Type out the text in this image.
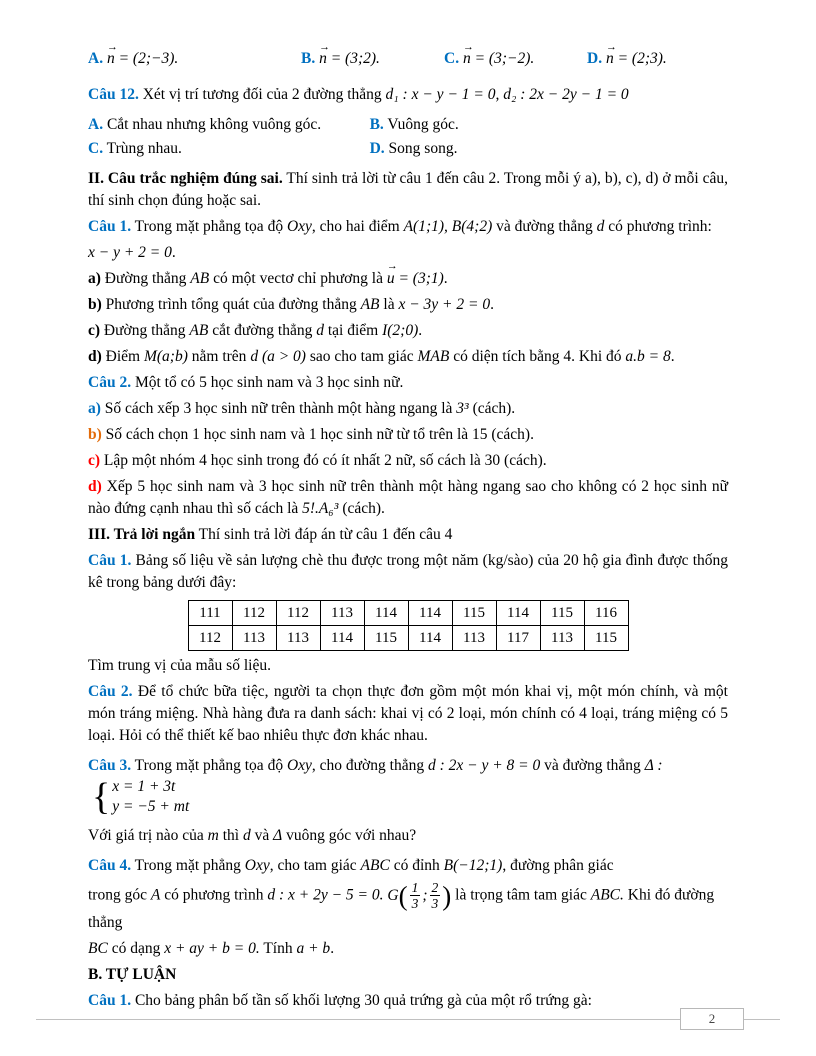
A. n → = (2;−3).	B. n → = (3;2).	C. n → = (3;−2).	D. n → = (2;3).

Câu 12. Xét vị trí tương đối của 2 đường thẳng d₁ : x − y − 1 = 0, d₂ : 2x − 2y − 1 = 0

A. Cắt nhau nhưng không vuông góc.	B. Vuông góc.
C. Trùng nhau.	D. Song song.

II. Câu trắc nghiệm đúng sai. Thí sinh trả lời từ câu 1 đến câu 2. Trong mỗi ý a), b), c), d) ở mỗi câu, thí sinh chọn đúng hoặc sai.

Câu 1. Trong mặt phẳng tọa độ Oxy, cho hai điểm A(1;1), B(4;2) và đường thẳng d có phương trình:

x − y + 2 = 0.

a) Đường thẳng AB có một vectơ chỉ phương là u → = (3;1).

b) Phương trình tổng quát của đường thẳng AB là x − 3y + 2 = 0.

c) Đường thẳng AB cắt đường thẳng d tại điểm I(2;0).

d) Điểm M(a;b) nằm trên d (a > 0) sao cho tam giác MAB có diện tích bằng 4. Khi đó a.b = 8.

Câu 2. Một tổ có 5 học sinh nam và 3 học sinh nữ.

a) Số cách xếp 3 học sinh nữ trên thành một hàng ngang là 3³ (cách).

b) Số cách chọn 1 học sinh nam và 1 học sinh nữ từ tổ trên là 15 (cách).

c) Lập một nhóm 4 học sinh trong đó có ít nhất 2 nữ, số cách là 30 (cách).

d) Xếp 5 học sinh nam và 3 học sinh nữ trên thành một hàng ngang sao cho không có 2 học sinh nữ nào đứng cạnh nhau thì số cách là 5!.A₆³ (cách).

III. Trả lời ngắn Thí sinh trả lời đáp án từ câu 1 đến câu 4

Câu 1. Bảng số liệu về sản lượng chè thu được trong một năm (kg/sào) của 20 hộ gia đình được thống kê trong bảng dưới đây:

111	112	112	113	114	114	115	114	115	116
112	113	113	114	115	114	113	117	113	115

Tìm trung vị của mẫu số liệu.

Câu 2. Để tổ chức bữa tiệc, người ta chọn thực đơn gồm một món khai vị, một món chính, và một món tráng miệng. Nhà hàng đưa ra danh sách: khai vị có 2 loại, món chính có 4 loại, tráng miệng có 5 loại. Hỏi có thể thiết kế bao nhiêu thực đơn khác nhau.

Câu 3. Trong mặt phẳng tọa độ Oxy, cho đường thẳng d : 2x − y + 8 = 0 và đường thẳng Δ :
{ x = 1 + 3t
y = −5 + mt

Với giá trị nào của m thì d và Δ vuông góc với nhau?

Câu 4. Trong mặt phẳng Oxy, cho tam giác ABC có đỉnh B(−12;1), đường phân giác

trong góc A có phương trình d : x + 2y − 5 = 0. G ( $\frac{1}{3}$ ; $\frac{2}{3}$ ) là trọng tâm tam giác ABC. Khi đó đường thẳng

BC có dạng x + ay + b = 0. Tính a + b.

B. TỰ LUẬN

Câu 1. Cho bảng phân bố tần số khối lượng 30 quả trứng gà của một rổ trứng gà:

2
